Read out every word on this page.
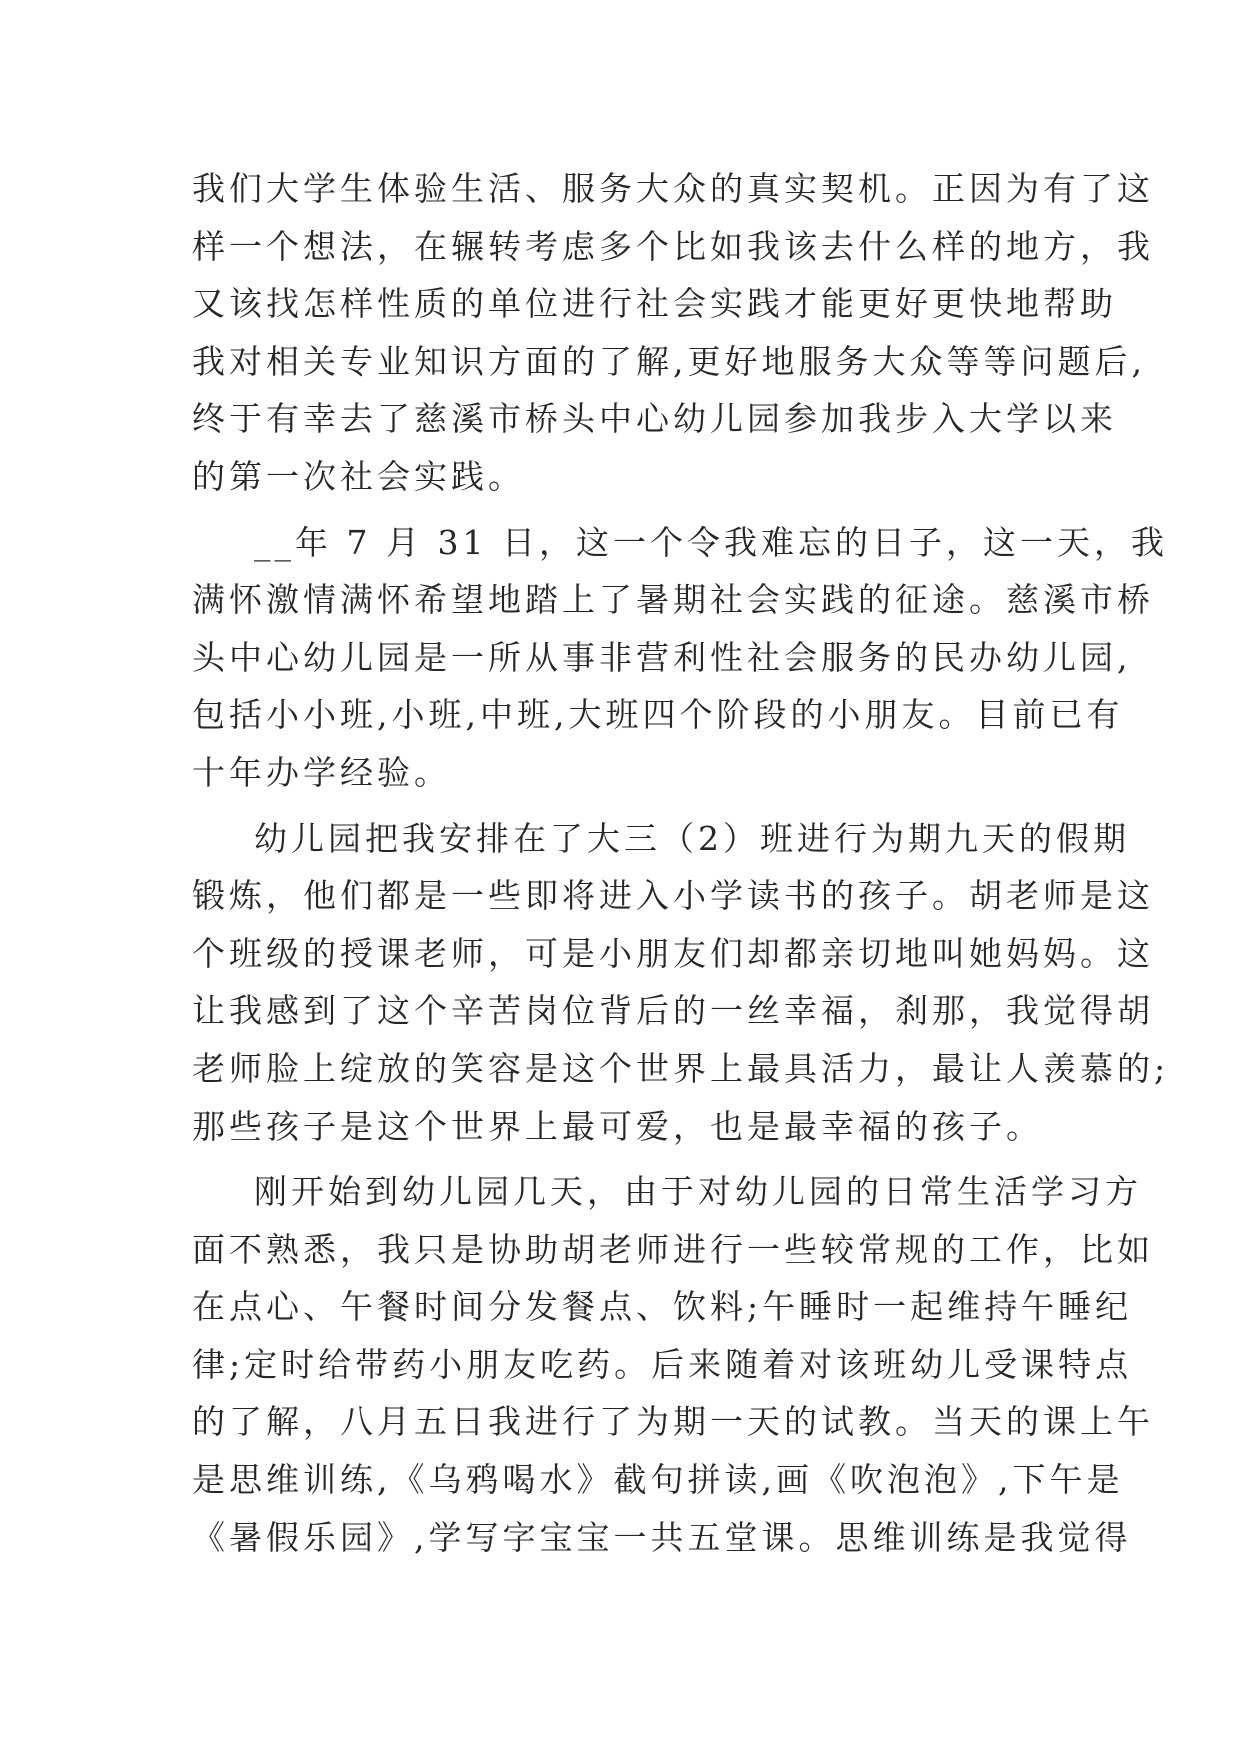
我们大学生体验生活、服务大众的真实契机。正因为有了这
样一个想法，在辗转考虑多个比如我该去什么样的地方，我
又该找怎样性质的单位进行社会实践才能更好更快地帮助
我对相关专业知识方面的了解,更好地服务大众等等问题后,
终于有幸去了慈溪市桥头中心幼儿园参加我步入大学以来
的第一次社会实践。
__年 7 月 31 日，这一个令我难忘的日子，这一天，我
满怀激情满怀希望地踏上了暑期社会实践的征途。慈溪市桥
头中心幼儿园是一所从事非营利性社会服务的民办幼儿园,
包括小小班,小班,中班,大班四个阶段的小朋友。目前已有
十年办学经验。
幼儿园把我安排在了大三（2）班进行为期九天的假期
锻炼，他们都是一些即将进入小学读书的孩子。胡老师是这
个班级的授课老师，可是小朋友们却都亲切地叫她妈妈。这
让我感到了这个辛苦岗位背后的一丝幸福，刹那，我觉得胡
老师脸上绽放的笑容是这个世界上最具活力，最让人羡慕的;
那些孩子是这个世界上最可爱，也是最幸福的孩子。
刚开始到幼儿园几天，由于对幼儿园的日常生活学习方
面不熟悉，我只是协助胡老师进行一些较常规的工作，比如
在点心、午餐时间分发餐点、饮料;午睡时一起维持午睡纪
律;定时给带药小朋友吃药。后来随着对该班幼儿受课特点
的了解，八月五日我进行了为期一天的试教。当天的课上午
是思维训练,《乌鸦喝水》截句拼读,画《吹泡泡》,下午是
《暑假乐园》,学写字宝宝一共五堂课。思维训练是我觉得
